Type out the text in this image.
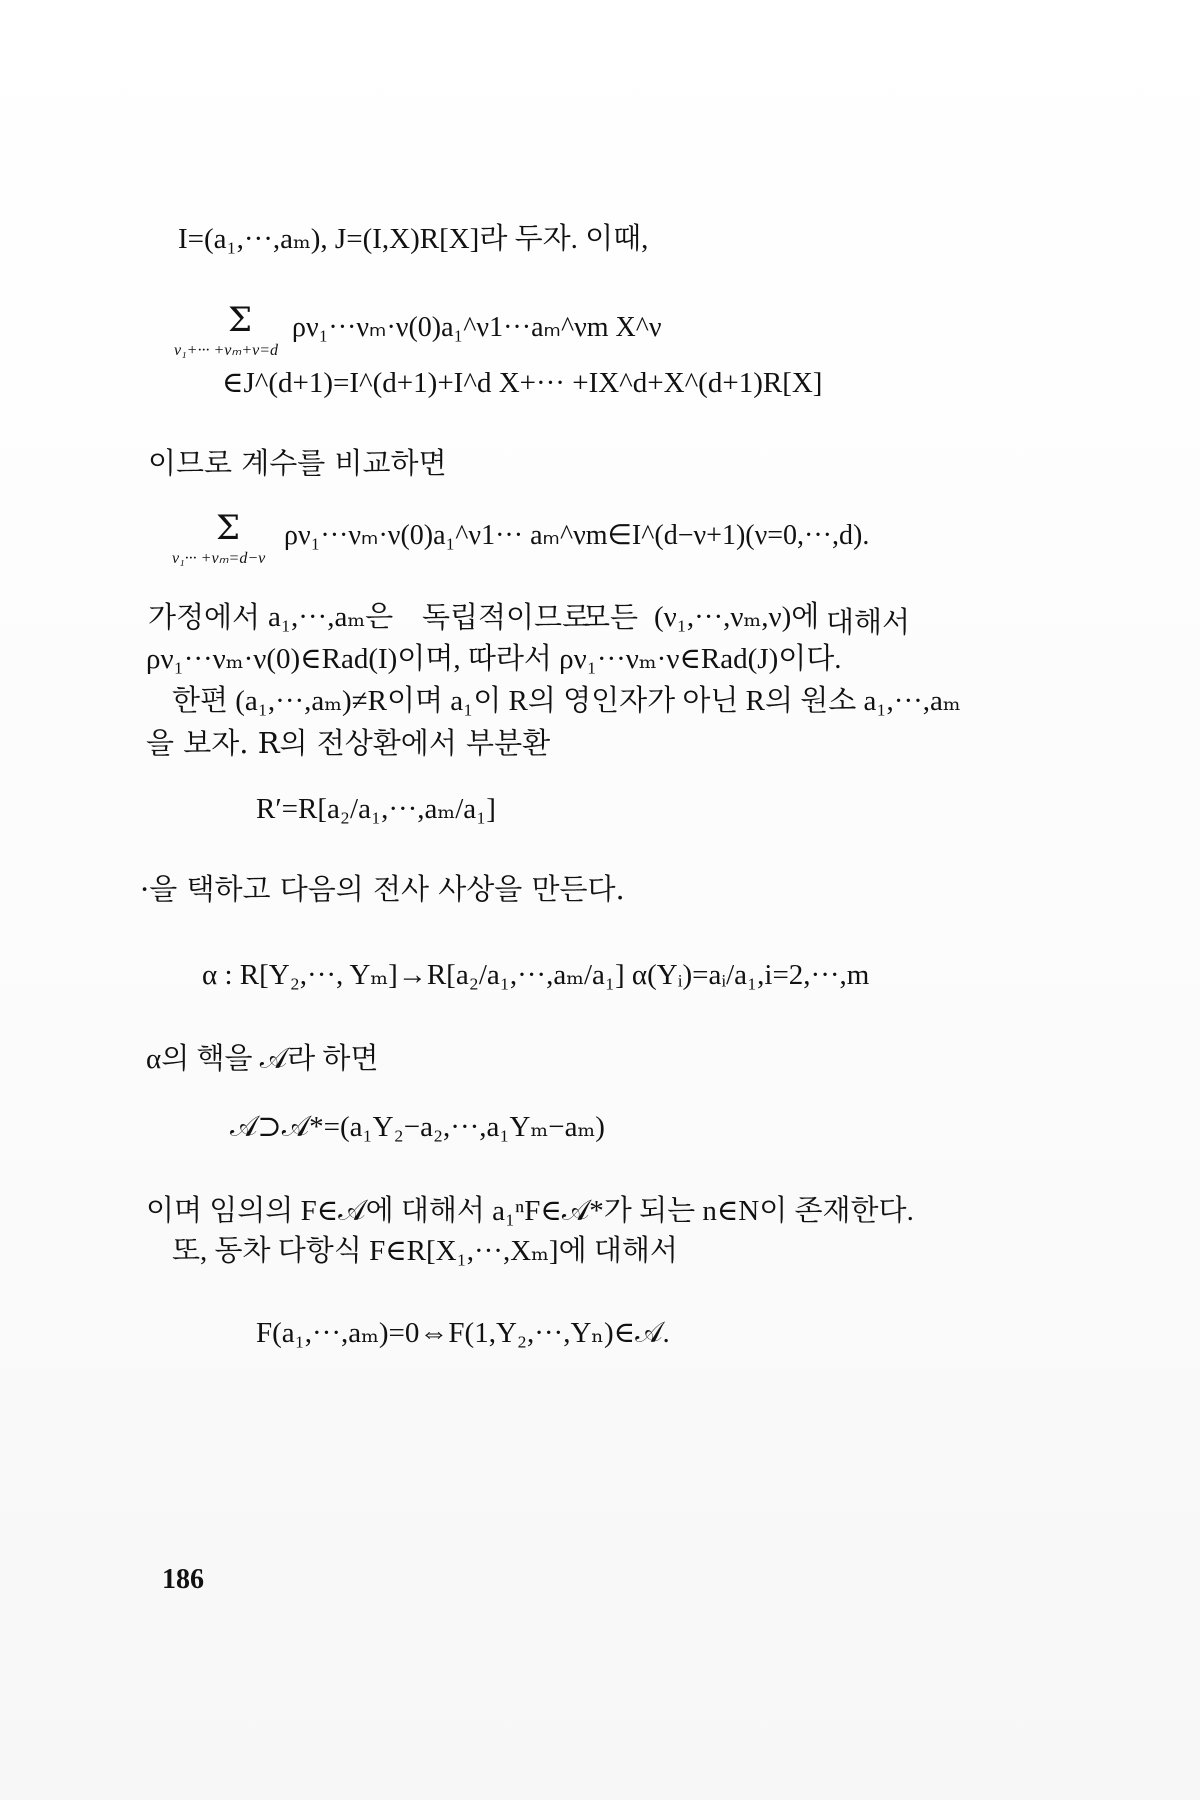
I=(a₁,···,aₘ), J=(I,X)R[X]라 두자. 이때,
Σ
ν₁+··· +νₘ+ν=d
ρν₁···νₘ·ν(0)a₁^ν1···aₘ^νm X^ν
∈J^(d+1)=I^(d+1)+I^d X+··· +IX^d+X^(d+1)R[X]
이므로 계수를 비교하면
Σ
ν₁··· +νₘ=d−ν
ρν₁···νₘ·ν(0)a₁^ν1··· aₘ^νm∈I^(d−ν+1)(ν=0,···,d).
가정에서 a₁,···,aₘ은 독립적이므로
모든 (ν₁,···,νₘ,ν)에 대해서
ρν₁···νₘ·ν(0)∈Rad(I)이며, 따라서 ρν₁···νₘ·ν∈Rad(J)이다.
한편 (a₁,···,aₘ)≠R이며 a₁이 R의 영인자가 아닌 R의 원소 a₁,···,aₘ
을 보자. R의 전상환에서 부분환
R′=R[a₂/a₁,···,aₘ/a₁]
·을 택하고 다음의 전사 사상을 만든다.
α : R[Y₂,···, Yₘ]→R[a₂/a₁,···,aₘ/a₁] α(Yᵢ)=aᵢ/a₁,i=2,···,m
α의 핵을 𝒜라 하면
𝒜⊃𝒜*=(a₁Y₂−a₂,···,a₁Yₘ−aₘ)
이며 임의의 F∈𝒜에 대해서 a₁ⁿF∈𝒜*가 되는 n∈N이 존재한다.
또, 동차 다항식 F∈R[X₁,···,Xₘ]에 대해서
F(a₁,···,aₘ)=0⇔F(1,Y₂,···,Yₙ)∈𝒜.
186
